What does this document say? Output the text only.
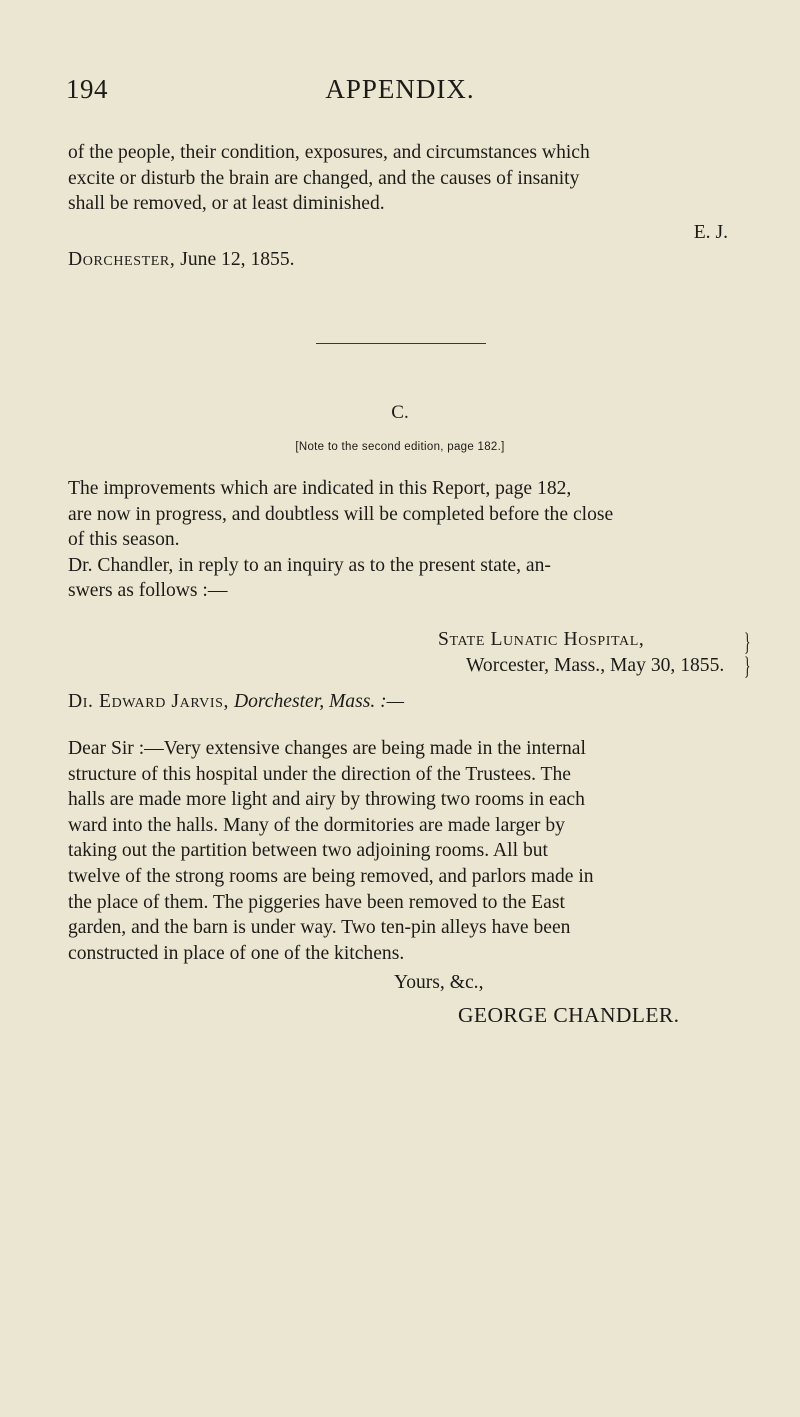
194	APPENDIX.
of the people, their condition, exposures, and circumstances which
excite or disturb the brain are changed, and the causes of insanity
shall be removed, or at least diminished.
E. J.
Dorchester, June 12, 1855.
C.
[Note to the second edition, page 182.]
The improvements which are indicated in this Report, page 182,
are now in progress, and doubtless will be completed before the close
of this season.
Dr. Chandler, in reply to an inquiry as to the present state, an-
swers as follows :—
State Lunatic Hospital,
Worcester, Mass., May 30, 1855.
}
}
Di. Edward Jarvis, Dorchester, Mass. :—
Dear Sir :—Very extensive changes are being made in the internal
structure of this hospital under the direction of the Trustees. The
halls are made more light and airy by throwing two rooms in each
ward into the halls. Many of the dormitories are made larger by
taking out the partition between two adjoining rooms. All but
twelve of the strong rooms are being removed, and parlors made in
the place of them. The piggeries have been removed to the East
garden, and the barn is under way. Two ten-pin alleys have been
constructed in place of one of the kitchens.
Yours, &c.,
GEORGE CHANDLER.
